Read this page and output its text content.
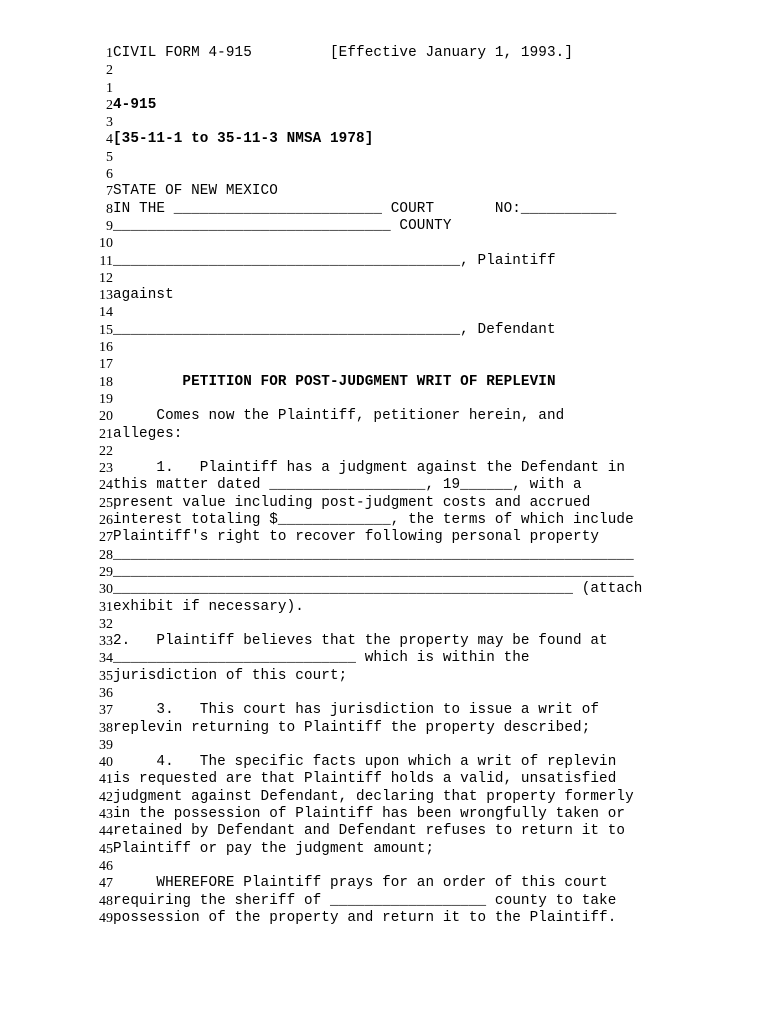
1 CIVIL FORM 4-915         [Effective January 1, 1993.]
2
1
2 4-915
3
4 [35-11-1 to 35-11-3 NMSA 1978]
5
6
7 STATE OF NEW MEXICO
8 IN THE ________________________ COURT       NO:___________
9 ________________________________ COUNTY
10
11 ________________________________________, Plaintiff
12
13 against
14
15 ________________________________________, Defendant
16
17
18 PETITION FOR POST-JUDGMENT WRIT OF REPLEVIN
19
20 Comes now the Plaintiff, petitioner herein, and
21 alleges:
22
23 1.   Plaintiff has a judgment against the Defendant in
24 this matter dated __________________, 19______, with a
25 present value including post-judgment costs and accrued
26 interest totaling $_____________, the terms of which include
27 Plaintiff's right to recover following personal property
28 ____________________________________________________________
29 ____________________________________________________________
30 _____________________________________________________ (attach
31 exhibit if necessary).
32
33 2.   Plaintiff believes that the property may be found at
34 ____________________________ which is within the
35 jurisdiction of this court;
36
37 3.   This court has jurisdiction to issue a writ of
38 replevin returning to Plaintiff the property described;
39
40 4.   The specific facts upon which a writ of replevin
41 is requested are that Plaintiff holds a valid, unsatisfied
42 judgment against Defendant, declaring that property formerly
43 in the possession of Plaintiff has been wrongfully taken or
44 retained by Defendant and Defendant refuses to return it to
45 Plaintiff or pay the judgment amount;
46
47 WHEREFORE Plaintiff prays for an order of this court
48 requiring the sheriff of __________________ county to take
49 possession of the property and return it to the Plaintiff.
